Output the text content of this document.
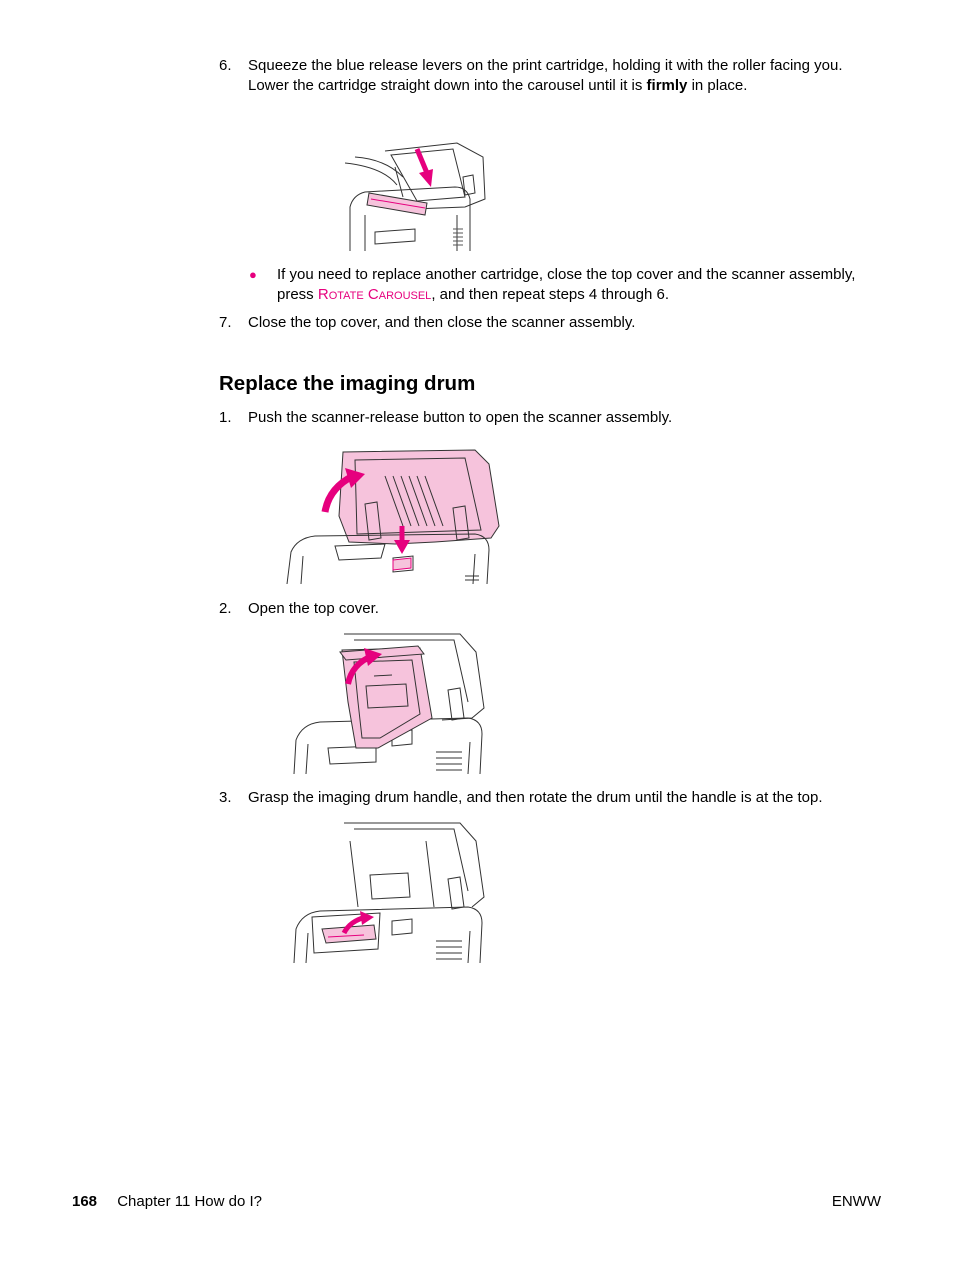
6. Squeeze the blue release levers on the print cartridge, holding it with the roller facing you. Lower the cartridge straight down into the carousel until it is firmly in place.
● If you need to replace another cartridge, close the top cover and the scanner assembly, press Rotate Carousel, and then repeat steps 4 through 6.
7. Close the top cover, and then close the scanner assembly.
Replace the imaging drum
1. Push the scanner-release button to open the scanner assembly.
2. Open the top cover.
3. Grasp the imaging drum handle, and then rotate the drum until the handle is at the top.
168 Chapter 11 How do I?	ENWW
